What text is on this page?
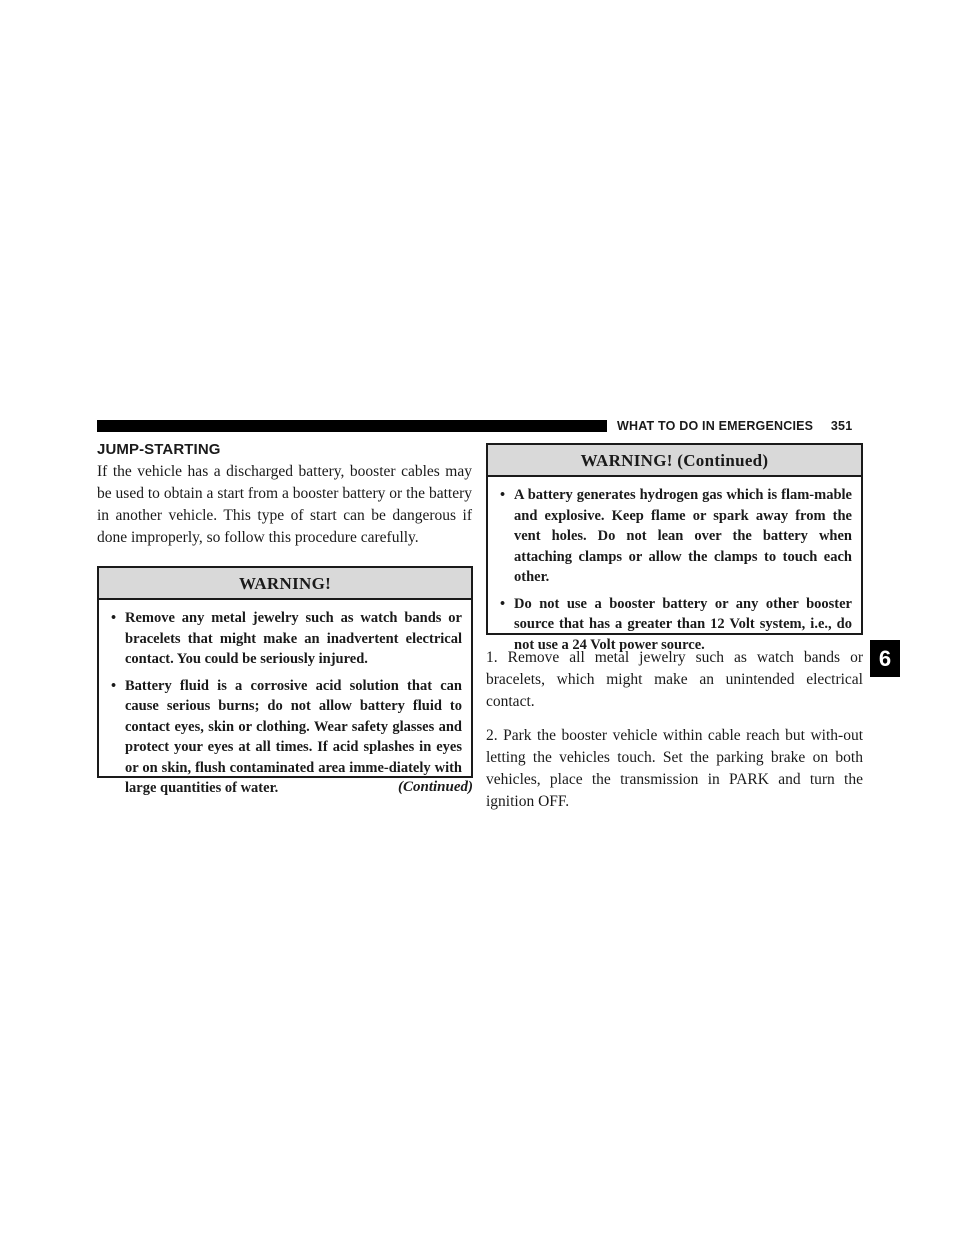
WHAT TO DO IN EMERGENCIES 351
JUMP-STARTING

If the vehicle has a discharged battery, booster cables may be used to obtain a start from a booster battery or the battery in another vehicle. This type of start can be dangerous if done improperly, so follow this procedure carefully.

WARNING!
• Remove any metal jewelry such as watch bands or bracelets that might make an inadvertent electrical contact. You could be seriously injured.
• Battery fluid is a corrosive acid solution that can cause serious burns; do not allow battery fluid to contact eyes, skin or clothing. Wear safety glasses and protect your eyes at all times. If acid splashes in eyes or on skin, flush contaminated area imme-diately with large quantities of water.	(Continued)
WARNING! (Continued)
• A battery generates hydrogen gas which is flam-mable and explosive. Keep flame or spark away from the vent holes. Do not lean over the battery when attaching clamps or allow the clamps to touch each other.
• Do not use a booster battery or any other booster source that has a greater than 12 Volt system, i.e., do not use a 24 Volt power source.

1. Remove all metal jewelry such as watch bands or bracelets, which might make an unintended electrical contact.

2. Park the booster vehicle within cable reach but with-out letting the vehicles touch. Set the parking brake on both vehicles, place the transmission in PARK and turn the ignition OFF.

6
